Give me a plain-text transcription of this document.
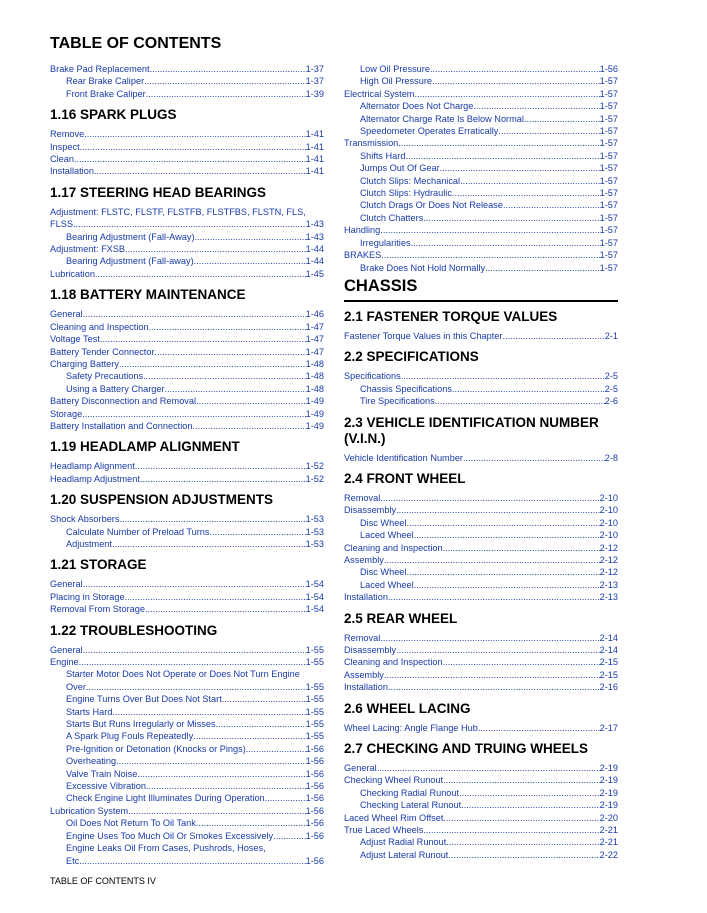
TABLE OF CONTENTS
Brake Pad Replacement .....	1-37
Rear Brake Caliper .....	1-37
Front Brake Caliper .....	1-39
1.16 SPARK PLUGS
Remove .....	1-41
Inspect .....	1-41
Clean .....	1-41
Installation .....	1-41
1.17 STEERING HEAD BEARINGS
Adjustment: FLSTC, FLSTF, FLSTFB, FLSTFBS, FLSTN, FLS,
FLSS .....	1-43
Bearing Adjustment (Fall-Away) .....	1-43
Adjustment: FXSB .....	1-44
Bearing Adjustment (Fall-away) .....	1-44
Lubrication .....	1-45
1.18 BATTERY MAINTENANCE
General .....	1-46
Cleaning and Inspection .....	1-47
Voltage Test .....	1-47
Battery Tender Connector .....	1-47
Charging Battery .....	1-48
Safety Precautions .....	1-48
Using a Battery Charger .....	1-48
Battery Disconnection and Removal .....	1-49
Storage .....	1-49
Battery Installation and Connection .....	1-49
1.19 HEADLAMP ALIGNMENT
Headlamp Alignment .....	1-52
Headlamp Adjustment .....	1-52
1.20 SUSPENSION ADJUSTMENTS
Shock Absorbers .....	1-53
Calculate Number of Preload Turns .....	1-53
Adjustment .....	1-53
1.21 STORAGE
General .....	1-54
Placing in Storage .....	1-54
Removal From Storage .....	1-54
1.22 TROUBLESHOOTING
General .....	1-55
Engine .....	1-55
Starter Motor Does Not Operate or Does Not Turn Engine
Over .....	1-55
Engine Turns Over But Does Not Start .....	1-55
Starts Hard .....	1-55
Starts But Runs Irregularly or Misses .....	1-55
A Spark Plug Fouls Repeatedly .....	1-55
Pre-Ignition or Detonation (Knocks or Pings) .....	1-56
Overheating .....	1-56
Valve Train Noise .....	1-56
Excessive Vibration .....	1-56
Check Engine Light Illuminates During Operation .....	1-56
Lubrication System .....	1-56
Oil Does Not Return To Oil Tank .....	1-56
Engine Uses Too Much Oil Or Smokes Excessively .....	1-56
Engine Leaks Oil From Cases, Pushrods, Hoses,
Etc .....	1-56
Low Oil Pressure .....	1-56
High Oil Pressure .....	1-57
Electrical System .....	1-57
Alternator Does Not Charge .....	1-57
Alternator Charge Rate Is Below Normal .....	1-57
Speedometer Operates Erratically .....	1-57
Transmission .....	1-57
Shifts Hard .....	1-57
Jumps Out Of Gear .....	1-57
Clutch Slips: Mechanical .....	1-57
Clutch Slips: Hydraulic .....	1-57
Clutch Drags Or Does Not Release .....	1-57
Clutch Chatters .....	1-57
Handling .....	1-57
Irregularities .....	1-57
BRAKES .....	1-57
Brake Does Not Hold Normally .....	1-57
CHASSIS
2.1 FASTENER TORQUE VALUES
Fastener Torque Values in this Chapter .....	2-1
2.2 SPECIFICATIONS
Specifications .....	2-5
Chassis Specifications .....	2-5
Tire Specifications .....	2-6
2.3 VEHICLE IDENTIFICATION NUMBER (V.I.N.)
Vehicle Identification Number .....	2-8
2.4 FRONT WHEEL
Removal .....	2-10
Disassembly .....	2-10
Disc Wheel .....	2-10
Laced Wheel .....	2-10
Cleaning and Inspection .....	2-12
Assembly .....	2-12
Disc Wheel .....	2-12
Laced Wheel .....	2-13
Installation .....	2-13
2.5 REAR WHEEL
Removal .....	2-14
Disassembly .....	2-14
Cleaning and Inspection .....	2-15
Assembly .....	2-15
Installation .....	2-16
2.6 WHEEL LACING
Wheel Lacing: Angle Flange Hub .....	2-17
2.7 CHECKING AND TRUING WHEELS
General .....	2-19
Checking Wheel Runout .....	2-19
Checking Radial Runout .....	2-19
Checking Lateral Runout .....	2-19
Laced Wheel Rim Offset .....	2-20
True Laced Wheels .....	2-21
Adjust Radial Runout .....	2-21
Adjust Lateral Runout .....	2-22
TABLE OF CONTENTS IV
